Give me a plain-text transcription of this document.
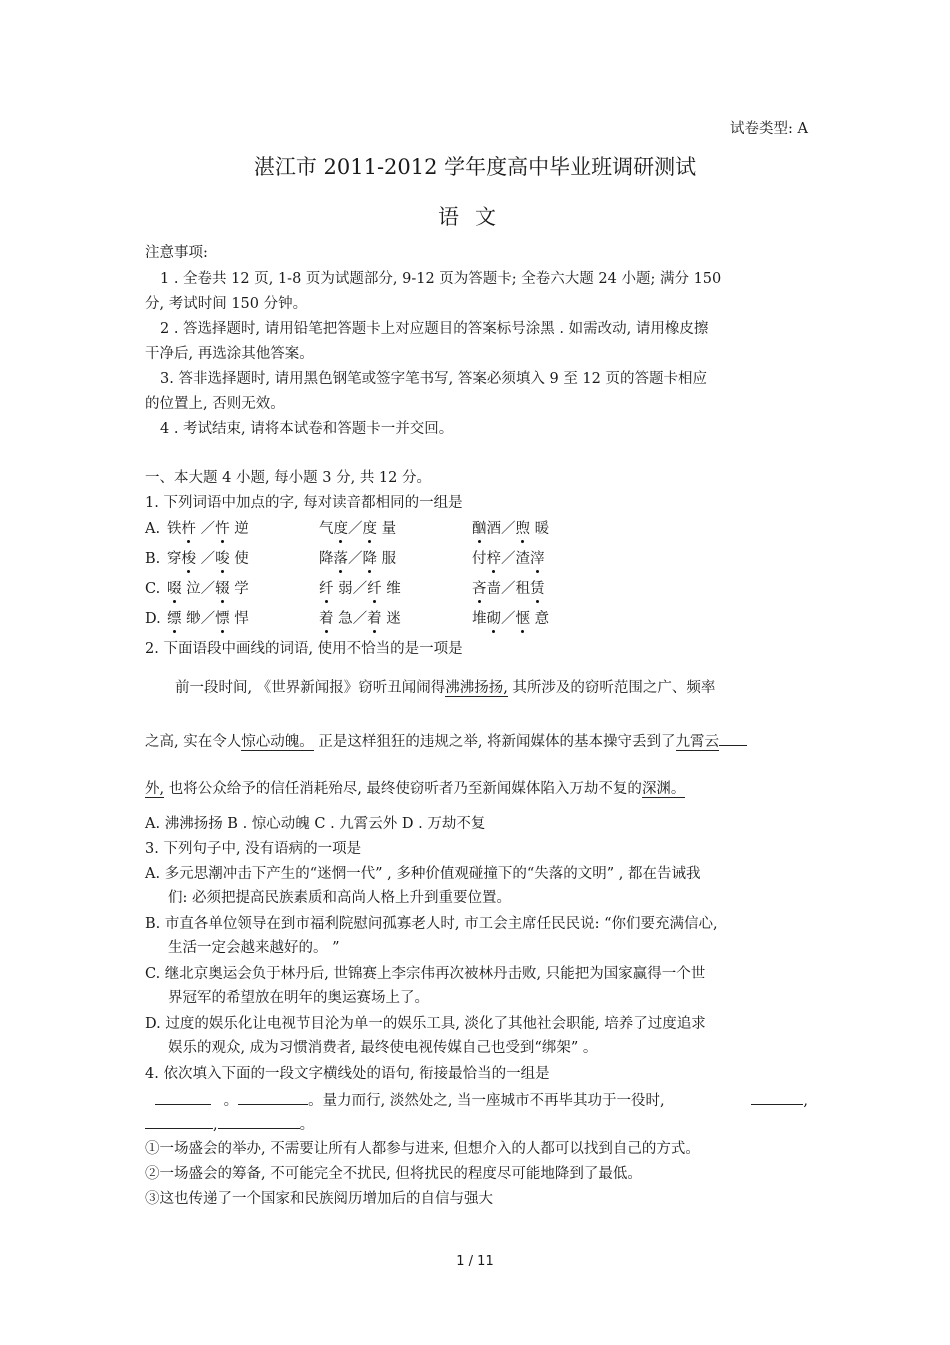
试卷类型: A
湛江市 2011-2012 学年度高中毕业班调研测试
语文
注意事项:
1 . 全卷共 12 页, 1-8 页为试题部分, 9-12 页为答题卡; 全卷六大题 24 小题; 满分 150
分, 考试时间 150 分钟。
2 . 答选择题时, 请用铅笔把答题卡上对应题目的答案标号涂黑 . 如需改动, 请用橡皮擦
干净后, 再选涂其他答案。
3. 答非选择题时, 请用黑色钢笔或签字笔书写, 答案必须填入 9 至 12 页的答题卡相应
的位置上, 否则无效。
4 . 考试结束, 请将本试卷和答题卡一并交回。
一、本大题 4 小题, 每小题 3 分, 共 12 分。
1. 下列词语中加点的字, 每对读音都相同的一组是
A. 铁杵 ／忤 逆	气度／度 量	酗酒／煦 暖
B. 穿梭 ／唆 使	降落／降 服	付梓／渣滓
C. 啜 泣／辍 学	纤 弱／纤 维	吝啬／租赁
D. 缥 缈／慓 悍	着 急／着 迷	堆砌／惬 意
2. 下面语段中画线的词语, 使用不恰当的是一项是
前一段时间, 《世界新闻报》窃听丑闻闹得沸沸扬扬, 其所涉及的窃听范围之广、频率
之高, 实在令人惊心动魄。 正是这样狙狂的违规之举, 将新闻媒体的基本操守丢到了九霄云
外, 也将公众给予的信任消耗殆尽, 最终使窃听者乃至新闻媒体陷入万劫不复的深渊。
A. 沸沸扬扬 B . 惊心动魄 C . 九霄云外 D . 万劫不复
3. 下列句子中, 没有语病的一项是
A. 多元思潮冲击下产生的“迷惘一代” , 多种价值观碰撞下的“失落的文明” , 都在告诫我
们: 必须把提高民族素质和高尚人格上升到重要位置。
B. 市直各单位领导在到市福利院慰问孤寡老人时, 市工会主席任民民说: “你们要充满信心,
生活一定会越来越好的。 ”
C. 继北京奥运会负于林丹后, 世锦赛上李宗伟再次被林丹击败, 只能把为国家赢得一个世
界冠军的希望放在明年的奥运赛场上了。
D. 过度的娱乐化让电视节目沦为单一的娱乐工具, 淡化了其他社会职能, 培养了过度追求
娱乐的观众, 成为习惯消费者, 最终使电视传媒自己也受到“绑架” 。
4. 依次填入下面的一段文字横线处的语句, 衔接最恰当的一组是
。	。量力而行, 淡然处之, 当一座城市不再毕其功于一役时,	,
,	。
①一场盛会的举办, 不需要让所有人都参与进来, 但想介入的人都可以找到自己的方式。
②一场盛会的筹备, 不可能完全不扰民, 但将扰民的程度尽可能地降到了最低。
③这也传递了一个国家和民族阅历增加后的自信与强大
1 / 11
